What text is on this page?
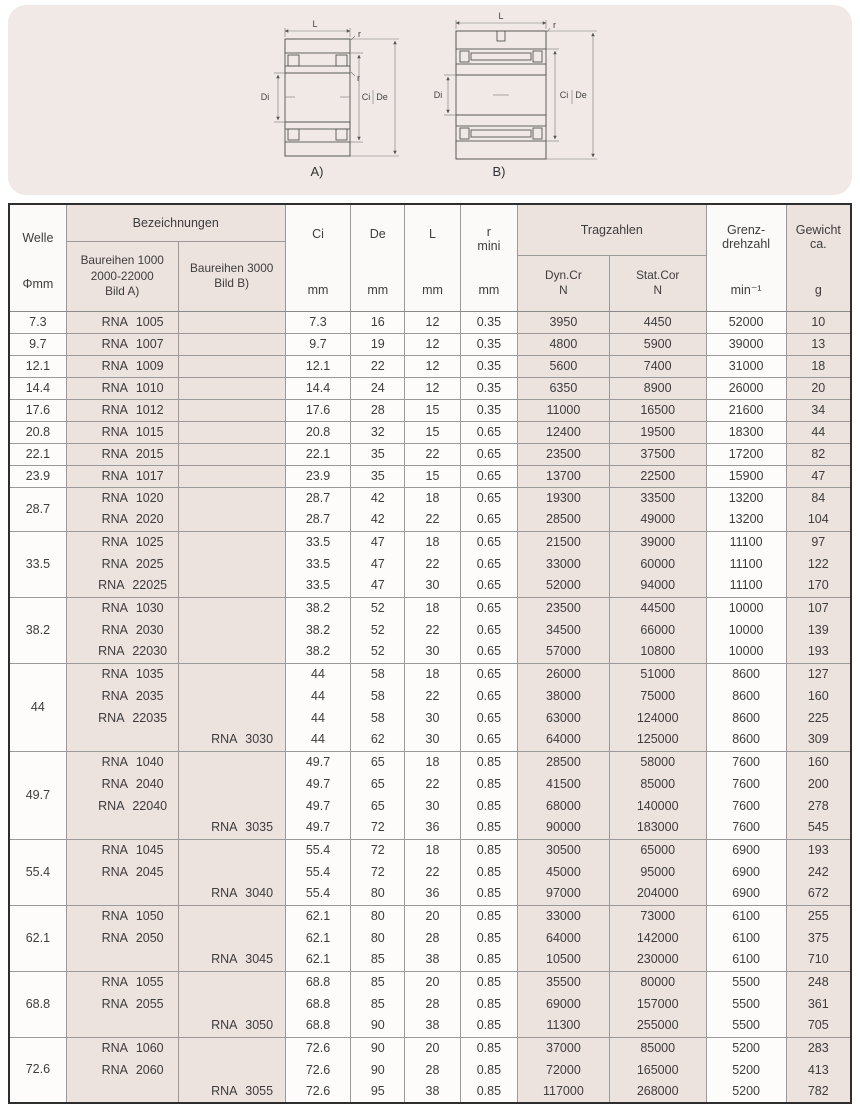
L
r
r
Di	Ci De
A)
L
r
Di	Ci De
B)
Welle
Φmm

Bezeichnungen
Baureihen 1000
2000-22000
Bild A)
Baureihen 3000
Bild B)

Ci
mm

De
mm

L
mm

r
mini
mm

Tragzahlen
Dyn.Cr
N
Stat.Cor
N

Grenz-
drehzahl
min⁻¹

Gewicht
ca.
g

7.3	RNA 1005		7.3	16	12	0.35	3950	4450	52000	10
9.7	RNA 1007		9.7	19	12	0.35	4800	5900	39000	13
12.1	RNA 1009		12.1	22	12	0.35	5600	7400	31000	18
14.4	RNA 1010		14.4	24	12	0.35	6350	8900	26000	20
17.6	RNA 1012		17.6	28	15	0.35	11000	16500	21600	34
20.8	RNA 1015		20.8	32	15	0.65	12400	19500	18300	44
22.1	RNA 2015		22.1	35	22	0.65	23500	37500	17200	82
23.9	RNA 1017		23.9	35	15	0.65	13700	22500	15900	47
28.7	RNA 1020		28.7	42	18	0.65	19300	33500	13200	84
	RNA 2020		28.7	42	22	0.65	28500	49000	13200	104
33.5	RNA 1025		33.5	47	18	0.65	21500	39000	11100	97
	RNA 2025		33.5	47	22	0.65	33000	60000	11100	122
	RNA 22025		33.5	47	30	0.65	52000	94000	11100	170
38.2	RNA 1030		38.2	52	18	0.65	23500	44500	10000	107
	RNA 2030		38.2	52	22	0.65	34500	66000	10000	139
	RNA 22030		38.2	52	30	0.65	57000	10800	10000	193
44	RNA 1035		44	58	18	0.65	26000	51000	8600	127
	RNA 2035		44	58	22	0.65	38000	75000	8600	160
	RNA 22035		44	58	30	0.65	63000	124000	8600	225
		RNA 3030	44	62	30	0.65	64000	125000	8600	309
49.7	RNA 1040		49.7	65	18	0.85	28500	58000	7600	160
	RNA 2040		49.7	65	22	0.85	41500	85000	7600	200
	RNA 22040		49.7	65	30	0.85	68000	140000	7600	278
		RNA 3035	49.7	72	36	0.85	90000	183000	7600	545
55.4	RNA 1045		55.4	72	18	0.85	30500	65000	6900	193
	RNA 2045		55.4	72	22	0.85	45000	95000	6900	242
		RNA 3040	55.4	80	36	0.85	97000	204000	6900	672
62.1	RNA 1050		62.1	80	20	0.85	33000	73000	6100	255
	RNA 2050		62.1	80	28	0.85	64000	142000	6100	375
		RNA 3045	62.1	85	38	0.85	10500	230000	6100	710
68.8	RNA 1055		68.8	85	20	0.85	35500	80000	5500	248
	RNA 2055		68.8	85	28	0.85	69000	157000	5500	361
		RNA 3050	68.8	90	38	0.85	11300	255000	5500	705
72.6	RNA 1060		72.6	90	20	0.85	37000	85000	5200	283
	RNA 2060		72.6	90	28	0.85	72000	165000	5200	413
		RNA 3055	72.6	95	38	0.85	117000	268000	5200	782
